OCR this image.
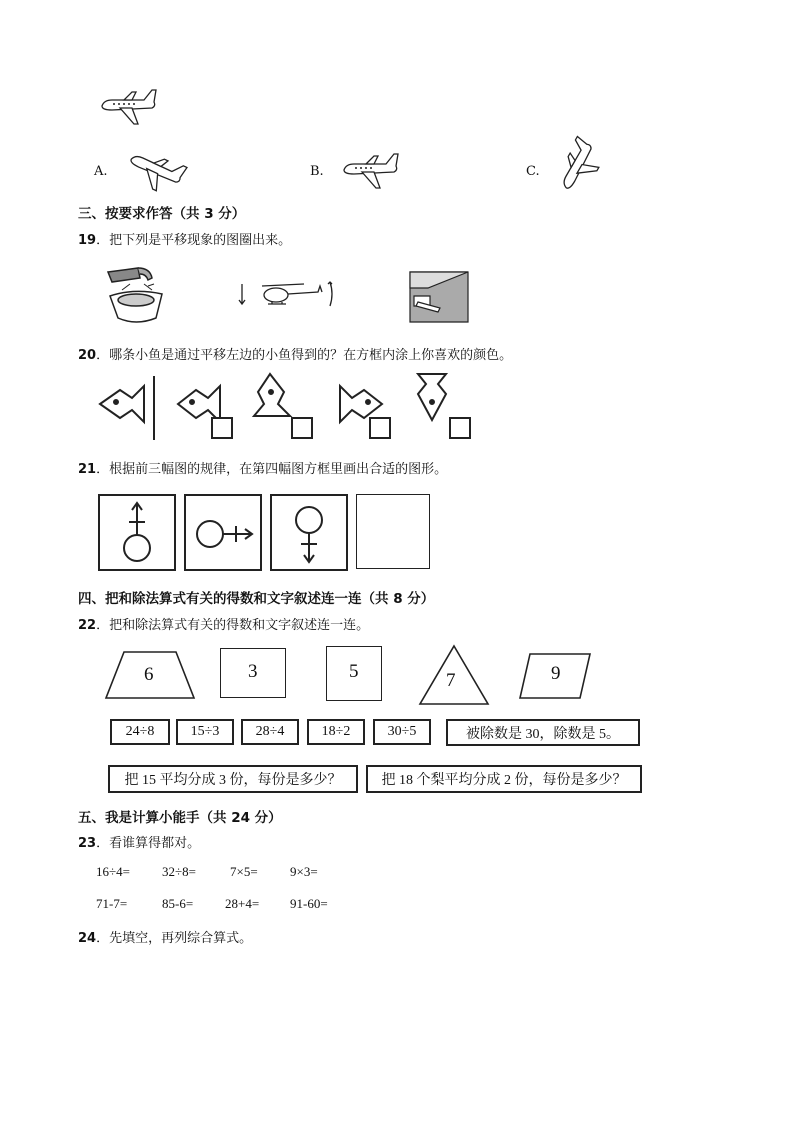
A.	B.	C.
三、按要求作答（共 3 分）
19．把下列是平移现象的图圈出来。
20．哪条小鱼是通过平移左边的小鱼得到的？在方框内涂上你喜欢的颜色。
21．根据前三幅图的规律，在第四幅图方框里画出合适的图形。
四、把和除法算式有关的得数和文字叙述连一连（共 8 分）
22．把和除法算式有关的得数和文字叙述连一连。
6	3	5	7	9
24÷8	15÷3	28÷4	18÷2	30÷5	被除数是 30，除数是 5。
把 15 平均分成 3 份，每份是多少？	把 18 个梨平均分成 2 份，每份是多少？
五、我是计算小能手（共 24 分）
23．看谁算得都对。
16÷4= 32÷8=	7×5= 9×3=
71-7=	85-6= 28+4= 91-60=
24．先填空，再列综合算式。
